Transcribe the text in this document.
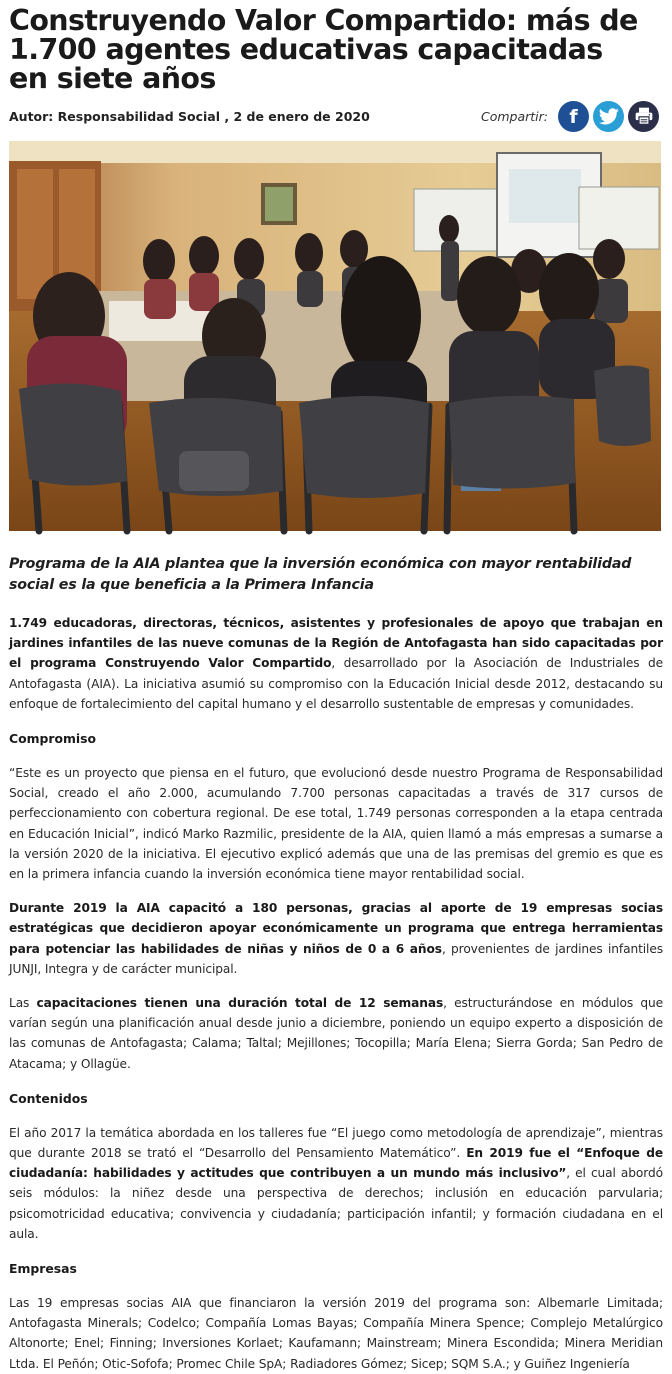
Construyendo Valor Compartido: más de 1.700 agentes educativas capacitadas en siete años
Autor: Responsabilidad Social , 2 de enero de 2020	Compartir: f

Programa de la AIA plantea que la inversión económica con mayor rentabilidad social es la que beneficia a la Primera Infancia

1.749 educadoras, directoras, técnicos, asistentes y profesionales de apoyo que trabajan en jardines infantiles de las nueve comunas de la Región de Antofagasta han sido capacitadas por el programa Construyendo Valor Compartido, desarrollado por la Asociación de Industriales de Antofagasta (AIA). La iniciativa asumió su compromiso con la Educación Inicial desde 2012, destacando su enfoque de fortalecimiento del capital humano y el desarrollo sustentable de empresas y comunidades.

Compromiso

“Este es un proyecto que piensa en el futuro, que evolucionó desde nuestro Programa de Responsabilidad Social, creado el año 2.000, acumulando 7.700 personas capacitadas a través de 317 cursos de perfeccionamiento con cobertura regional. De ese total, 1.749 personas corresponden a la etapa centrada en Educación Inicial”, indicó Marko Razmilic, presidente de la AIA, quien llamó a más empresas a sumarse a la versión 2020 de la iniciativa. El ejecutivo explicó además que una de las premisas del gremio es que es en la primera infancia cuando la inversión económica tiene mayor rentabilidad social.

Durante 2019 la AIA capacitó a 180 personas, gracias al aporte de 19 empresas socias estratégicas que decidieron apoyar económicamente un programa que entrega herramientas para potenciar las habilidades de niñas y niños de 0 a 6 años, provenientes de jardines infantiles JUNJI, Integra y de carácter municipal.

Las capacitaciones tienen una duración total de 12 semanas, estructurándose en módulos que varían según una planificación anual desde junio a diciembre, poniendo un equipo experto a disposición de las comunas de Antofagasta; Calama; Taltal; Mejillones; Tocopilla; María Elena; Sierra Gorda; San Pedro de Atacama; y Ollagüe.

Contenidos

El año 2017 la temática abordada en los talleres fue “El juego como metodología de aprendizaje”, mientras que durante 2018 se trató el “Desarrollo del Pensamiento Matemático”. En 2019 fue el “Enfoque de ciudadanía: habilidades y actitudes que contribuyen a un mundo más inclusivo”, el cual abordó seis módulos: la niñez desde una perspectiva de derechos; inclusión en educación parvularia; psicomotricidad educativa; convivencia y ciudadanía; participación infantil; y formación ciudadana en el aula.

Empresas

Las 19 empresas socias AIA que financiaron la versión 2019 del programa son: Albemarle Limitada; Antofagasta Minerals; Codelco; Compañía Lomas Bayas; Compañía Minera Spence; Complejo Metalúrgico Altonorte; Enel; Finning; Inversiones Korlaet; Kaufamann; Mainstream; Minera Escondida; Minera Meridian Ltda. El Peñón; Otic-Sofofa; Promec Chile SpA; Radiadores Gómez; Sicep; SQM S.A.; y Guiñez Ingeniería
